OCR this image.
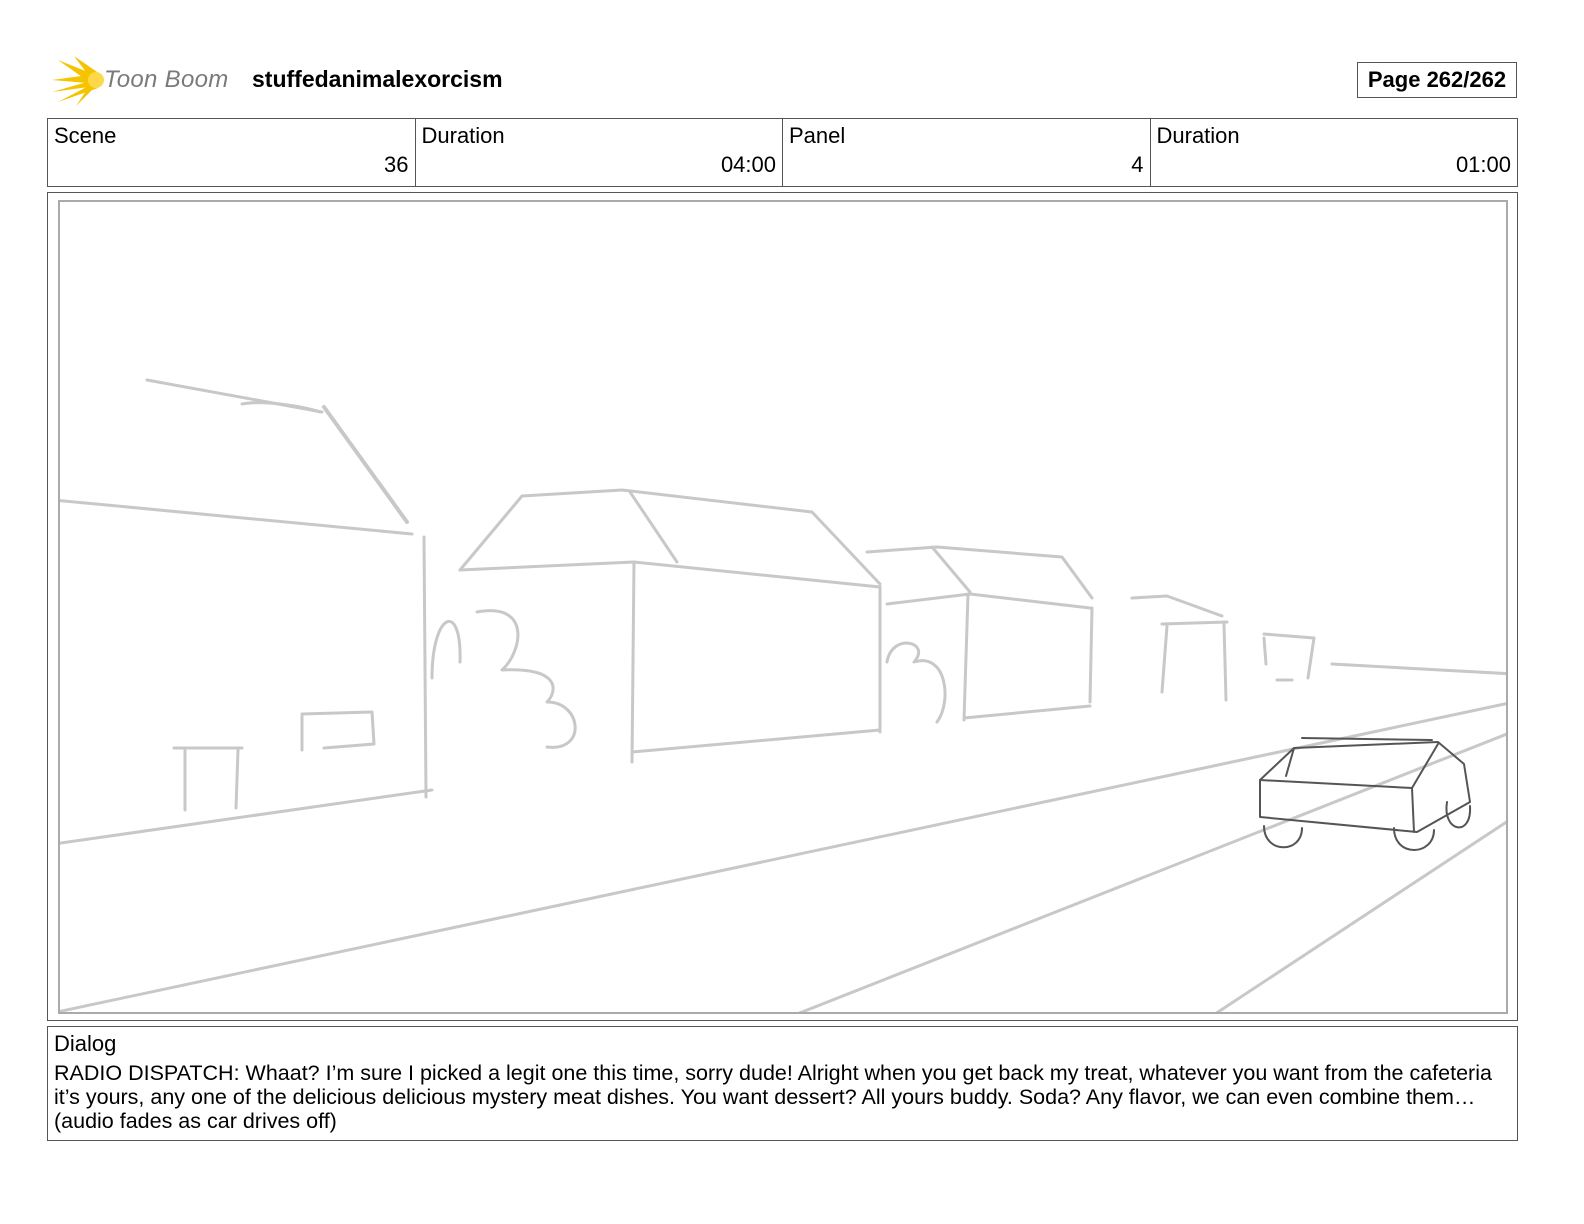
Toon Boom stuffedanimalexorcism	Page 262/262
Scene
36
Duration
04:00
Panel
4
Duration
01:00
Dialog
RADIO DISPATCH: Whaat? I’m sure I picked a legit one this time, sorry dude! Alright when you get back my treat, whatever you want from the cafeteria it’s yours, any one of the delicious delicious mystery meat dishes. You want dessert? All yours buddy. Soda? Any flavor, we can even combine them… (audio fades as car drives off)
